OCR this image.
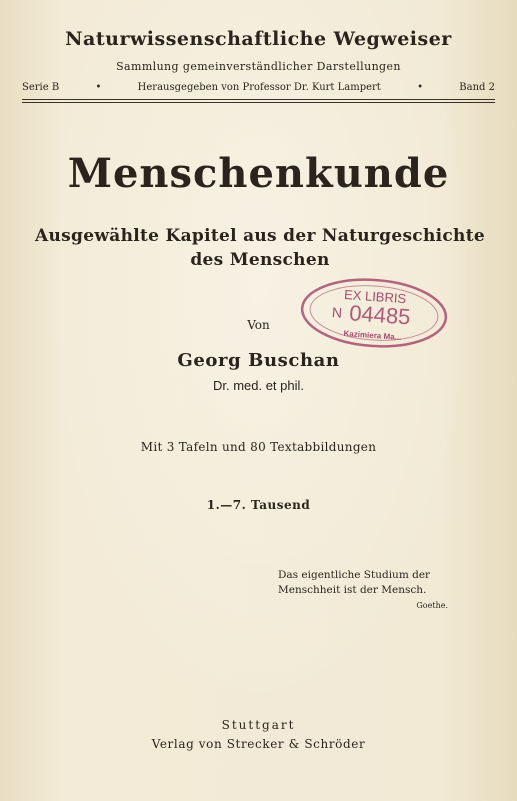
Naturwissenschaftliche Wegweiser
Sammlung gemeinverständlicher Darstellungen
Serie B	•	Herausgegeben von Professor Dr. Kurt Lampert	•	Band 2
Menschenkunde
Ausgewählte Kapitel aus der Naturgeschichte
des Menschen
EX LIBRIS
N 04485
Kazimiera Ma...
Von
Georg Buschan
Dr. med. et phil.
Mit 3 Tafeln und 80 Textabbildungen
1.—7. Tausend
Das eigentliche Studium der
Menschheit ist der Mensch.
Goethe.
Stuttgart
Verlag von Strecker & Schröder
